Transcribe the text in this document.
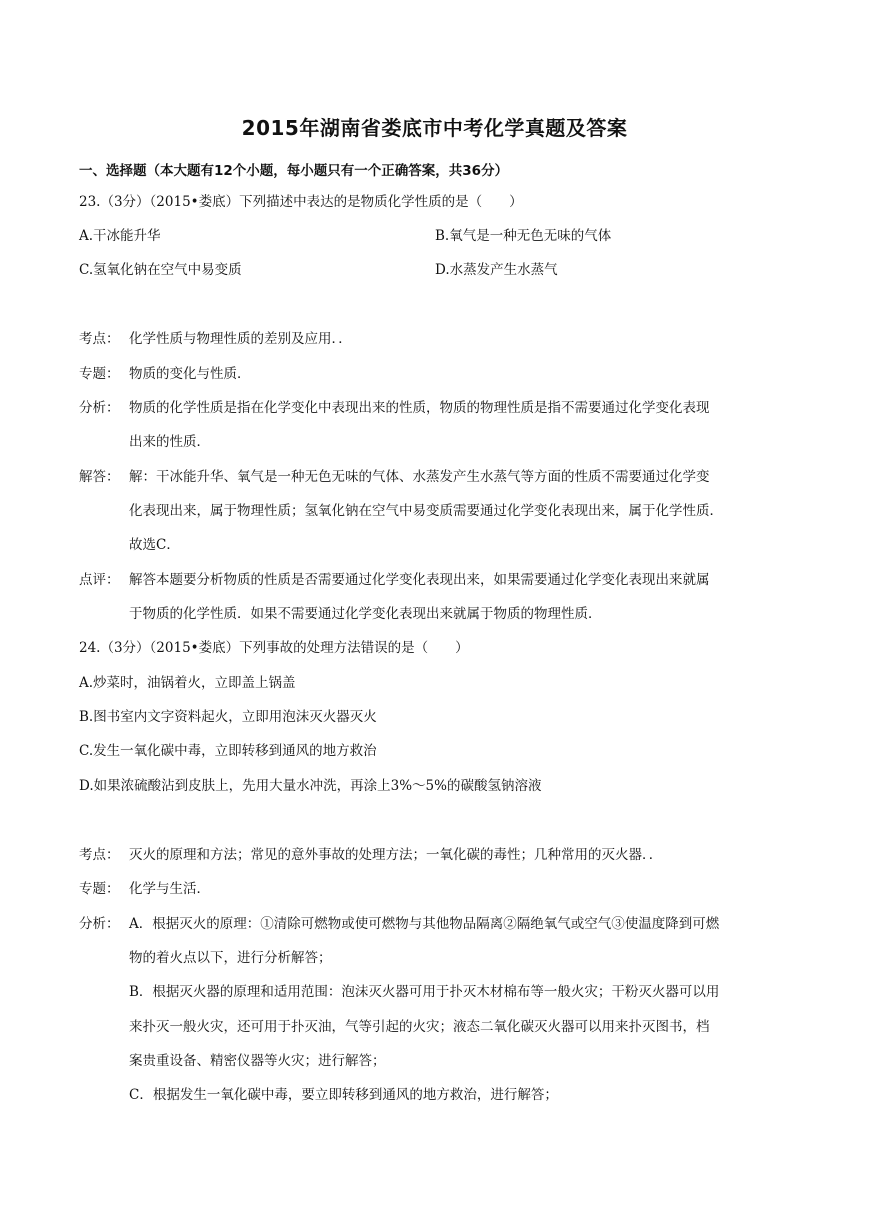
2015年湖南省娄底市中考化学真题及答案
一、选择题（本大题有12个小题，每小题只有一个正确答案，共36分）
23.（3分）（2015•娄底）下列描述中表达的是物质化学性质的是（　　）
A.干冰能升华	B.氧气是一种无色无味的气体
C.氢氧化钠在空气中易变质	D.水蒸发产生水蒸气
考点： 化学性质与物理性质的差别及应用．．
专题： 物质的变化与性质．
分析： 物质的化学性质是指在化学变化中表现出来的性质，物质的物理性质是指不需要通过化学变化表现
出来的性质．
解答： 解：干冰能升华、氧气是一种无色无味的气体、水蒸发产生水蒸气等方面的性质不需要通过化学变
化表现出来，属于物理性质；氢氧化钠在空气中易变质需要通过化学变化表现出来，属于化学性质．
故选C．
点评： 解答本题要分析物质的性质是否需要通过化学变化表现出来，如果需要通过化学变化表现出来就属
于物质的化学性质．如果不需要通过化学变化表现出来就属于物质的物理性质．
24.（3分）（2015•娄底）下列事故的处理方法错误的是（　　）
A.炒菜时，油锅着火，立即盖上锅盖
B.图书室内文字资料起火，立即用泡沫灭火器灭火
C.发生一氧化碳中毒，立即转移到通风的地方救治
D.如果浓硫酸沾到皮肤上，先用大量水冲洗，再涂上3%～5%的碳酸氢钠溶液
考点： 灭火的原理和方法；常见的意外事故的处理方法；一氧化碳的毒性；几种常用的灭火器．．
专题： 化学与生活．
分析： A．根据灭火的原理：①清除可燃物或使可燃物与其他物品隔离②隔绝氧气或空气③使温度降到可燃
物的着火点以下，进行分析解答；
B．根据灭火器的原理和适用范围：泡沫灭火器可用于扑灭木材棉布等一般火灾；干粉灭火器可以用
来扑灭一般火灾，还可用于扑灭油，气等引起的火灾；液态二氧化碳灭火器可以用来扑灭图书，档
案贵重设备、精密仪器等火灾；进行解答；
C．根据发生一氧化碳中毒，要立即转移到通风的地方救治，进行解答；
